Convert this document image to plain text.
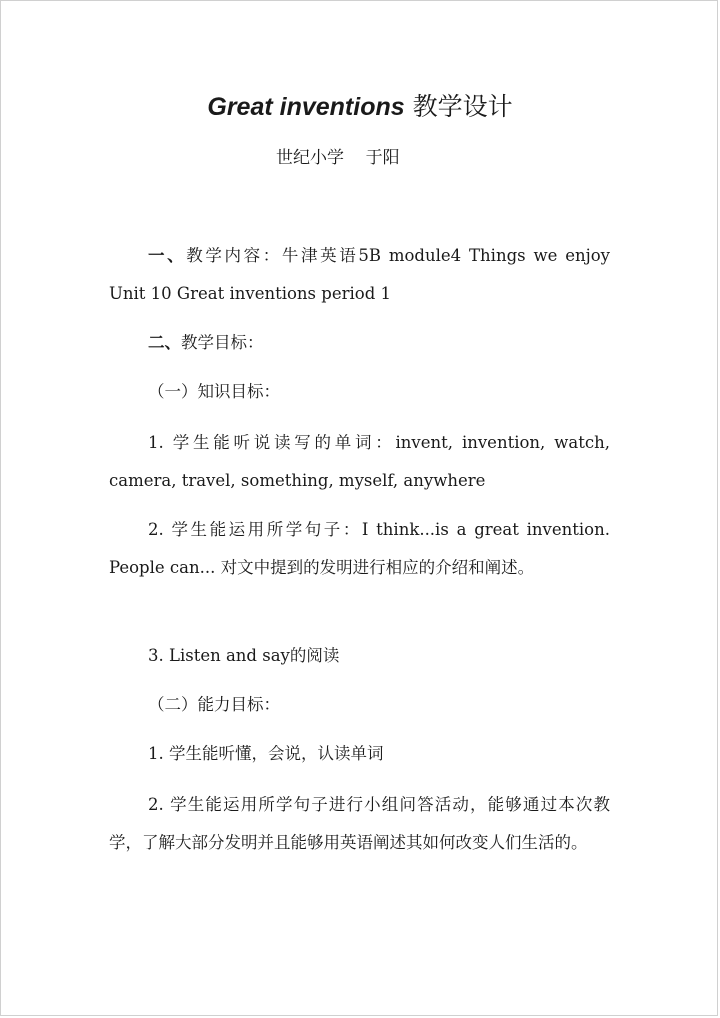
Great inventions 教学设计
世纪小学    于阳
一、教学内容：牛津英语5B module4 Things we enjoy Unit 10 Great inventions period 1
二、教学目标：
（一）知识目标：
1. 学生能听说读写的单词：invent, invention, watch, camera, travel, something, myself, anywhere
2. 学生能运用所学句子：I think...is a great invention. People can... 对文中提到的发明进行相应的介绍和阐述。
3. Listen and say的阅读
（二）能力目标：
1. 学生能听懂，会说，认读单词
2. 学生能运用所学句子进行小组问答活动，能够通过本次教学，了解大部分发明并且能够用英语阐述其如何改变人们生活的。
